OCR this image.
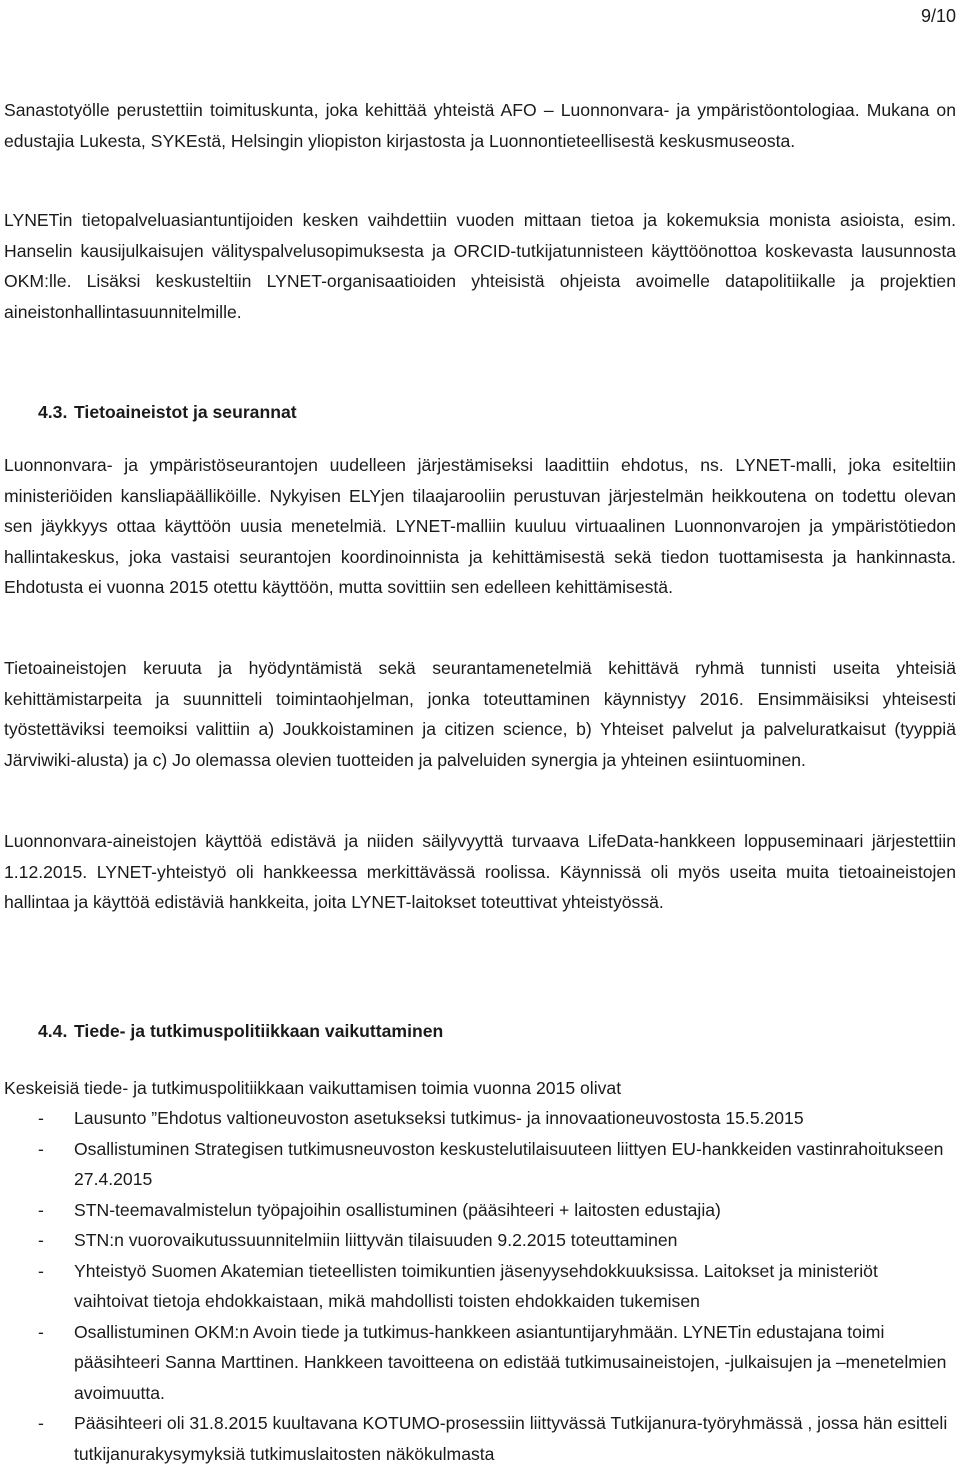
9/10

Sanastotyölle perustettiin toimituskunta, joka kehittää yhteistä AFO – Luonnonvara- ja ympäristöontologiaa. Mukana on edustajia Lukesta, SYKEstä, Helsingin yliopiston kirjastosta ja Luonnontieteellisestä keskusmuseosta.

LYNETin tietopalveluasiantuntijoiden kesken vaihdettiin vuoden mittaan tietoa ja kokemuksia monista asioista, esim. Hanselin kausijulkaisujen välityspalvelusopimuksesta ja ORCID-tutkijatunnisteen käyttöönottoa koskevasta lausunnosta OKM:lle. Lisäksi keskusteltiin LYNET-organisaatioiden yhteisistä ohjeista avoimelle datapolitiikalle ja projektien aineistonhallintasuunnitelmille.

4.3. Tietoaineistot ja seurannat

Luonnonvara- ja ympäristöseurantojen uudelleen järjestämiseksi laadittiin ehdotus, ns. LYNET-malli, joka esiteltiin ministeriöiden kansliapäälliköille. Nykyisen ELYjen tilaajarooliin perustuvan järjestelmän heikkoutena on todettu olevan sen jäykkyys ottaa käyttöön uusia menetelmiä. LYNET-malliin kuuluu virtuaalinen Luonnonvarojen ja ympäristötiedon hallintakeskus, joka vastaisi seurantojen koordinoinnista ja kehittämisestä sekä tiedon tuottamisesta ja hankinnasta. Ehdotusta ei vuonna 2015 otettu käyttöön, mutta sovittiin sen edelleen kehittämisestä.

Tietoaineistojen keruuta ja hyödyntämistä sekä seurantamenetelmiä kehittävä ryhmä tunnisti useita yhteisiä kehittämistarpeita ja suunnitteli toimintaohjelman, jonka toteuttaminen käynnistyy 2016. Ensimmäisiksi yhteisesti työstettäviksi teemoiksi valittiin a) Joukkoistaminen ja citizen science, b) Yhteiset palvelut ja palveluratkaisut (tyyppiä Järviwiki-alusta) ja c) Jo olemassa olevien tuotteiden ja palveluiden synergia ja yhteinen esiintuominen.

Luonnonvara-aineistojen käyttöä edistävä ja niiden säilyvyyttä turvaava LifeData-hankkeen loppuseminaari järjestettiin 1.12.2015. LYNET-yhteistyö oli hankkeessa merkittävässä roolissa. Käynnissä oli myös useita muita tietoaineistojen hallintaa ja käyttöä edistäviä hankkeita, joita LYNET-laitokset toteuttivat yhteistyössä.

4.4. Tiede- ja tutkimuspolitiikkaan vaikuttaminen

Keskeisiä tiede- ja tutkimuspolitiikkaan vaikuttamisen toimia vuonna 2015 olivat

- Lausunto ”Ehdotus valtioneuvoston asetukseksi tutkimus- ja innovaationeuvostosta 15.5.2015
- Osallistuminen Strategisen tutkimusneuvoston keskustelutilaisuuteen liittyen EU-hankkeiden vastinrahoitukseen 27.4.2015
- STN-teemavalmistelun työpajoihin osallistuminen (pääsihteeri + laitosten edustajia)
- STN:n vuorovaikutussuunnitelmiin liittyvän tilaisuuden 9.2.2015 toteuttaminen
- Yhteistyö Suomen Akatemian tieteellisten toimikuntien jäsenyysehdokkuuksissa. Laitokset ja ministeriöt vaihtoivat tietoja ehdokkaistaan, mikä mahdollisti toisten ehdokkaiden tukemisen
- Osallistuminen OKM:n Avoin tiede ja tutkimus-hankkeen asiantuntijaryhmään. LYNETin edustajana toimi pääsihteeri Sanna Marttinen. Hankkeen tavoitteena on edistää tutkimusaineistojen, -julkaisujen ja –menetelmien avoimuutta.
- Pääsihteeri oli 31.8.2015 kuultavana KOTUMO-prosessiin liittyvässä Tutkijanura-työryhmässä , jossa hän esitteli tutkijanurakysymyksiä tutkimuslaitosten näkökulmasta
